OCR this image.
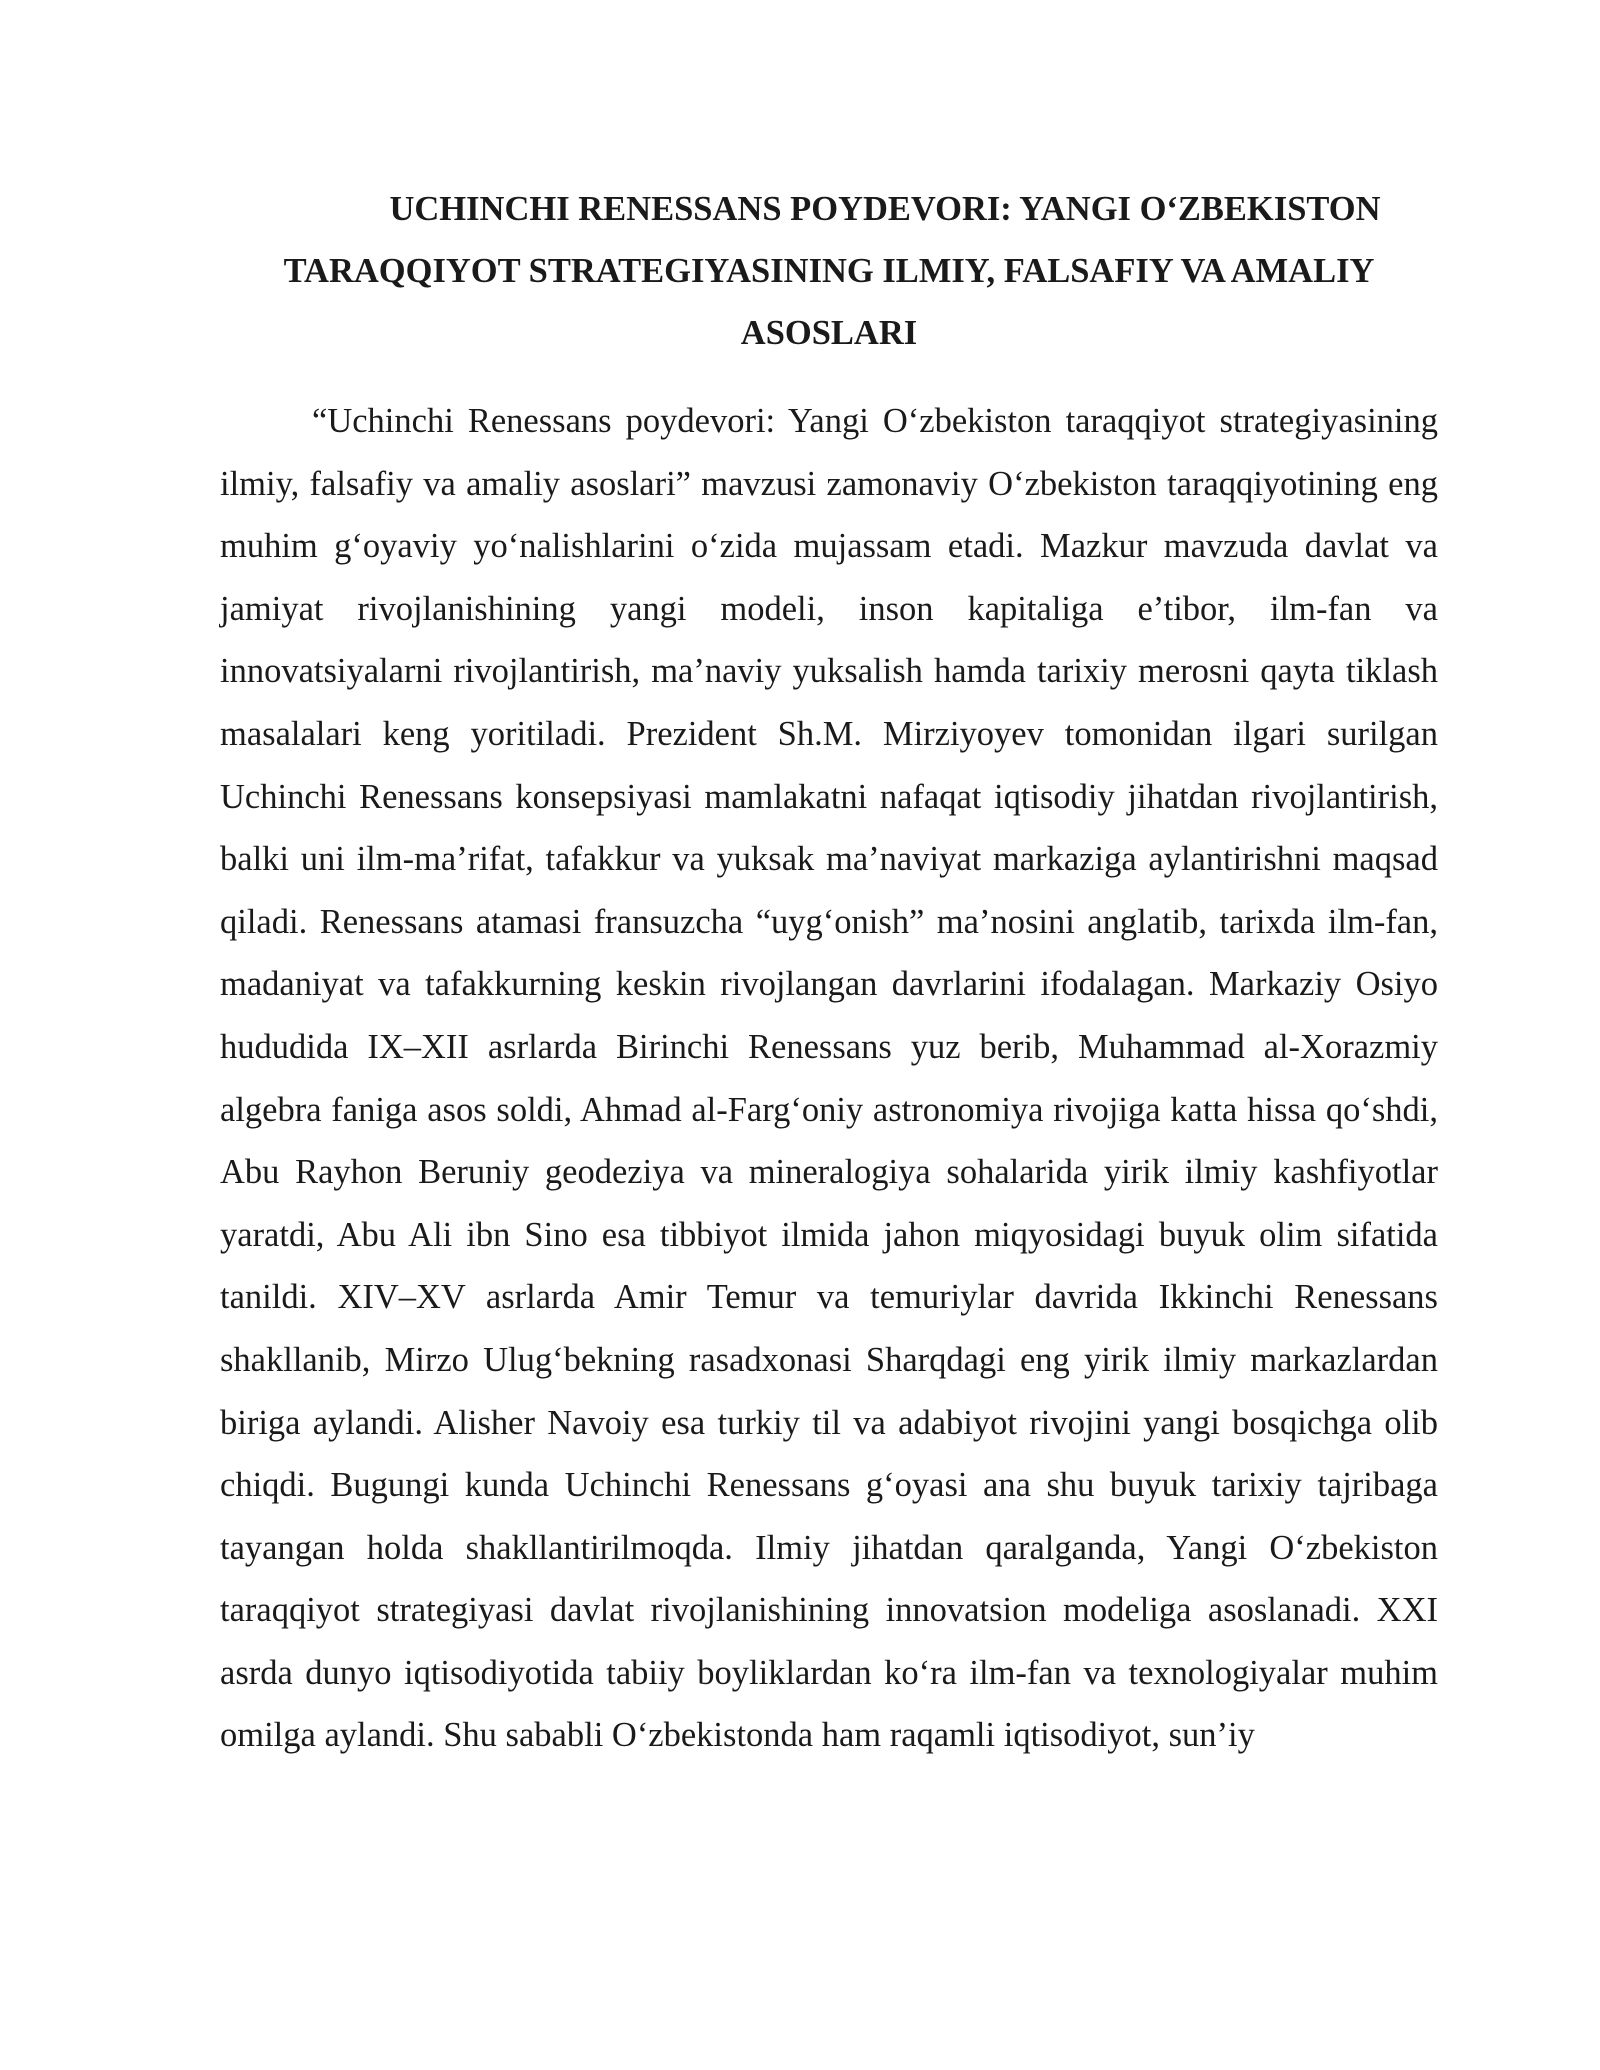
UCHINCHI RENESSANS POYDEVORI: YANGI O‘ZBEKISTON TARAQQIYOT STRATEGIYASINING ILMIY, FALSAFIY VA AMALIY ASOSLARI

“Uchinchi Renessans poydevori: Yangi O‘zbekiston taraqqiyot strategiyasining ilmiy, falsafiy va amaliy asoslari” mavzusi zamonaviy O‘zbekiston taraqqiyotining eng muhim g‘oyaviy yo‘nalishlarini o‘zida mujassam etadi. Mazkur mavzuda davlat va jamiyat rivojlanishining yangi modeli, inson kapitaliga e’tibor, ilm-fan va innovatsiyalarni rivojlantirish, ma’naviy yuksalish hamda tarixiy merosni qayta tiklash masalalari keng yoritiladi. Prezident Sh.M. Mirziyoyev tomonidan ilgari surilgan Uchinchi Renessans konsepsiyasi mamlakatni nafaqat iqtisodiy jihatdan rivojlantirish, balki uni ilm-ma’rifat, tafakkur va yuksak ma’naviyat markaziga aylantirishni maqsad qiladi. Renessans atamasi fransuzcha “uyg‘onish” ma’nosini anglatib, tarixda ilm-fan, madaniyat va tafakkurning keskin rivojlangan davrlarini ifodalagan. Markaziy Osiyo hududida IX–XII asrlarda Birinchi Renessans yuz berib, Muhammad al-Xorazmiy algebra faniga asos soldi, Ahmad al-Farg‘oniy astronomiya rivojiga katta hissa qo‘shdi, Abu Rayhon Beruniy geodeziya va mineralogiya sohalarida yirik ilmiy kashfiyotlar yaratdi, Abu Ali ibn Sino esa tibbiyot ilmida jahon miqyosidagi buyuk olim sifatida tanildi. XIV–XV asrlarda Amir Temur va temuriylar davrida Ikkinchi Renessans shakllanib, Mirzo Ulug‘bekning rasadxonasi Sharqdagi eng yirik ilmiy markazlardan biriga aylandi. Alisher Navoiy esa turkiy til va adabiyot rivojini yangi bosqichga olib chiqdi. Bugungi kunda Uchinchi Renessans g‘oyasi ana shu buyuk tarixiy tajribaga tayangan holda shakllantirilmoqda. Ilmiy jihatdan qaralganda, Yangi O‘zbekiston taraqqiyot strategiyasi davlat rivojlanishining innovatsion modeliga asoslanadi. XXI asrda dunyo iqtisodiyotida tabiiy boyliklardan ko‘ra ilm-fan va texnologiyalar muhim omilga aylandi. Shu sababli O‘zbekistonda ham raqamli iqtisodiyot, sun’iy
